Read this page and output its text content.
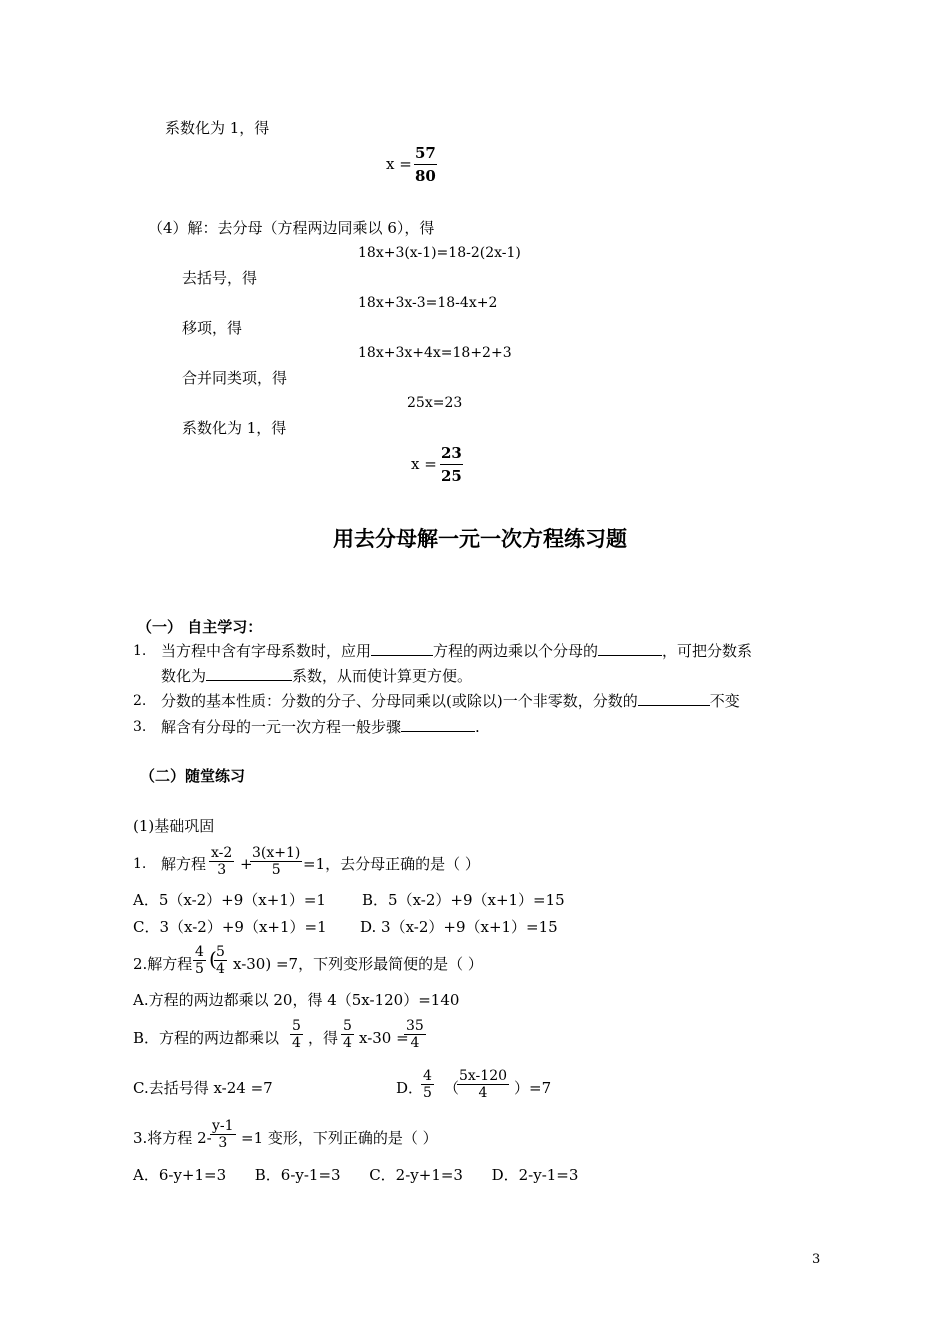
系数化为 1，得
$x = \frac{57}{80}$
（4）解：去分母（方程两边同乘以 6），得
18x+3(x-1)=18-2(2x-1)
去括号，得
18x+3x-3=18-4x+2
移项，得
18x+3x+4x=18+2+3
合并同类项，得
25x=23
系数化为 1，得
$x = \frac{23}{25}$
用去分母解一元一次方程练习题
（一） 自主学习：
1. 当方程中含有字母系数时，应用	方程的两边乘以个分母的	，可把分数系
数化为	系数，从而使计算更方便。
2. 分数的基本性质：分数的分子、分母同乘以(或除以)一个非零数，分数的	不变
3. 解含有分母的一元一次方程一般步骤	.
（二）随堂练习
(1)基础巩固
1. 解方程 $\frac{x-2}{3}$ +
$\frac{3(x+1)}{5} =1$，去分母正确的是（ ）
A．5（x-2）+9（x+1）=1 B．5（x-2）+9（x+1）=15
C．3（x-2）+9（x+1）=1 D. 3（x-2）+9（x+1）=15
2.解方程 $\frac{4}{5}$ (
$\frac{5}{4} x-30) =7$，下列变形最简便的是（ ）
A.方程的两边都乘以 20，得 4（5x-120）=140
B．方程的两边都乘以 $\frac{5}{4}$ ，得 $\frac{5}{4} x-30$ =
$\frac{35}{4}$
C.去括号得 x-24 =7	D．
$\frac{4}{5}$ （
$\frac{5x-120}{4} )=7$
3.将方程 2-
$\frac{y-1}{3} =1$ 变形，下列正确的是（ ）
A．6-y+1=3      B．6-y-1=3      C．2-y+1=3      D．2-y-1=3
3
